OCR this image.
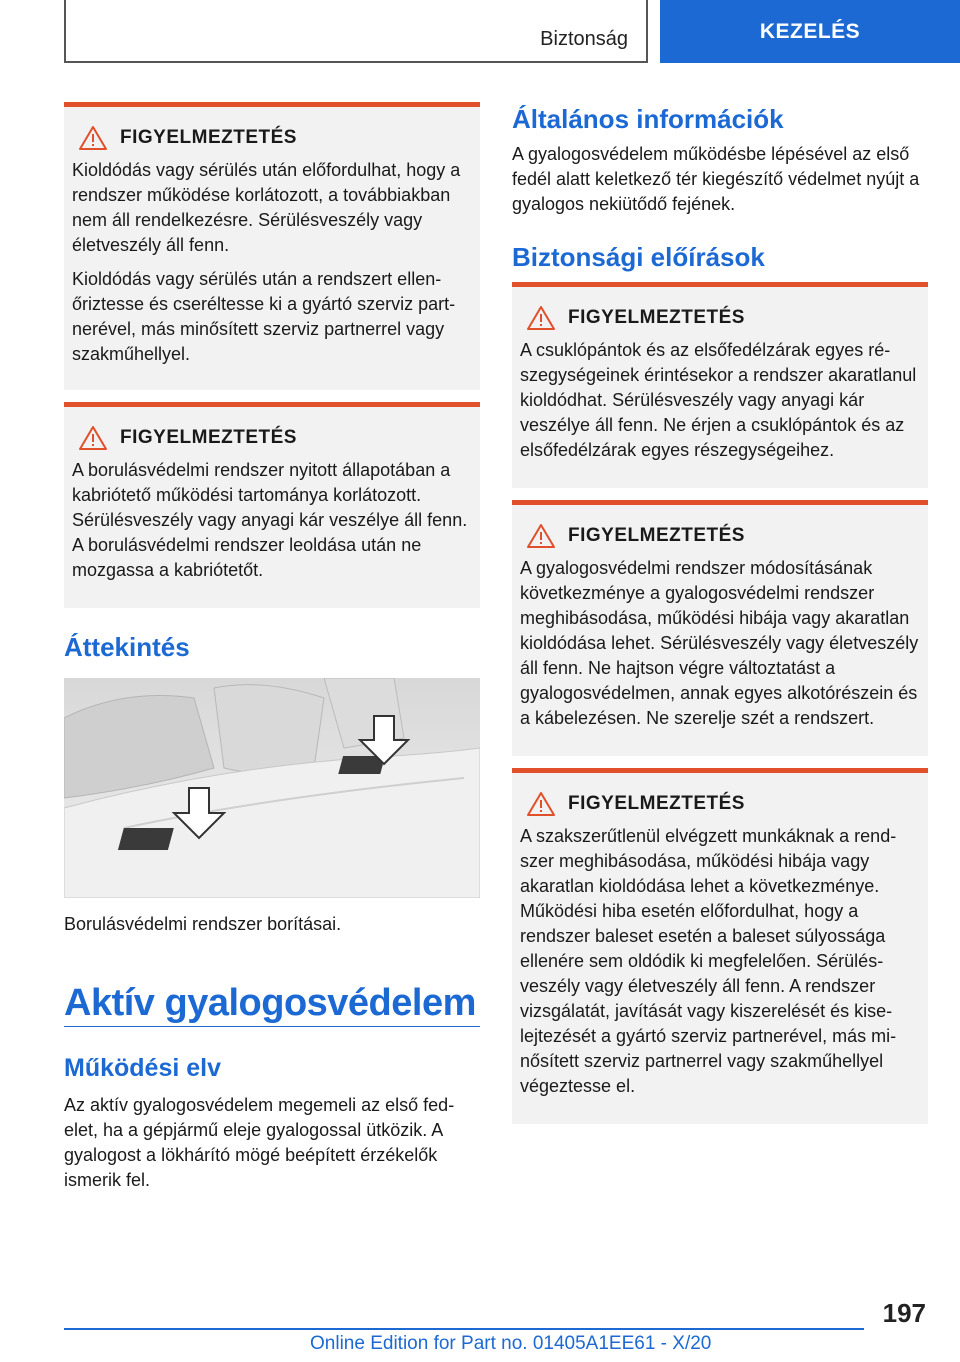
Biztonság	KEZELÉS
FIGYELMEZTETÉS

Kioldódás vagy sérülés után előfordulhat, hogy a rendszer működése korlátozott, a továbbiakban nem áll rendelkezésre. Sérülésveszély vagy életveszély áll fenn.

Kioldódás vagy sérülés után a rendszert ellenőriztesse és cseréltesse ki a gyártó szerviz partnerével, más minősített szerviz partnerrel vagy szakműhellyel.

FIGYELMEZTETÉS

A borulásvédelmi rendszer nyitott állapotában a kabriótető működési tartománya korlátozott. Sérülésveszély vagy anyagi kár veszélye áll fenn. A borulásvédelmi rendszer leoldása után ne mozgassa a kabriótetőt.

Áttekintés

Borulásvédelmi rendszer borításai.

Aktív gyalogosvédelem
Működési elv

Az aktív gyalogosvédelem megemeli az első fedelet, ha a gépjármű eleje gyalogossal ütközik. A gyalogost a lökhárító mögé beépített érzékelők ismerik fel.

Általános információk

A gyalogosvédelem működésbe lépésével az első fedél alatt keletkező tér kiegészítő védelmet nyújt a gyalogos nekiütődő fejének.

Biztonsági előírások
FIGYELMEZTETÉS

A csuklópántok és az elsőfedélzárak egyes részegységeinek érintésekor a rendszer akaratlanul kioldódhat. Sérülésveszély vagy anyagi kár veszélye áll fenn. Ne érjen a csuklópántok és az elsőfedélzárak egyes részegységeihez.

FIGYELMEZTETÉS

A gyalogosvédelmi rendszer módosításának következménye a gyalogosvédelmi rendszer meghibásodása, működési hibája vagy akaratlan kioldódása lehet. Sérülésveszély vagy életveszély áll fenn. Ne hajtson végre változtatást a gyalogosvédelmen, annak egyes alkotórészein és a kábelezésen. Ne szerelje szét a rendszert.

FIGYELMEZTETÉS

A szakszerűtlenül elvégzett munkáknak a rendszer meghibásodása, működési hibája vagy akaratlan kioldódása lehet a következménye. Működési hiba esetén előfordulhat, hogy a rendszer baleset esetén a baleset súlyossága ellenére sem oldódik ki megfelelően. Sérülésveszély vagy életveszély áll fenn. A rendszer vizsgálatát, javítását vagy kiszerelését és kiselejtezését a gyártó szerviz partnerével, más minősített szerviz partnerrel vagy szakműhellyel végeztesse el.

197
Online Edition for Part no. 01405A1EE61 - X/20
